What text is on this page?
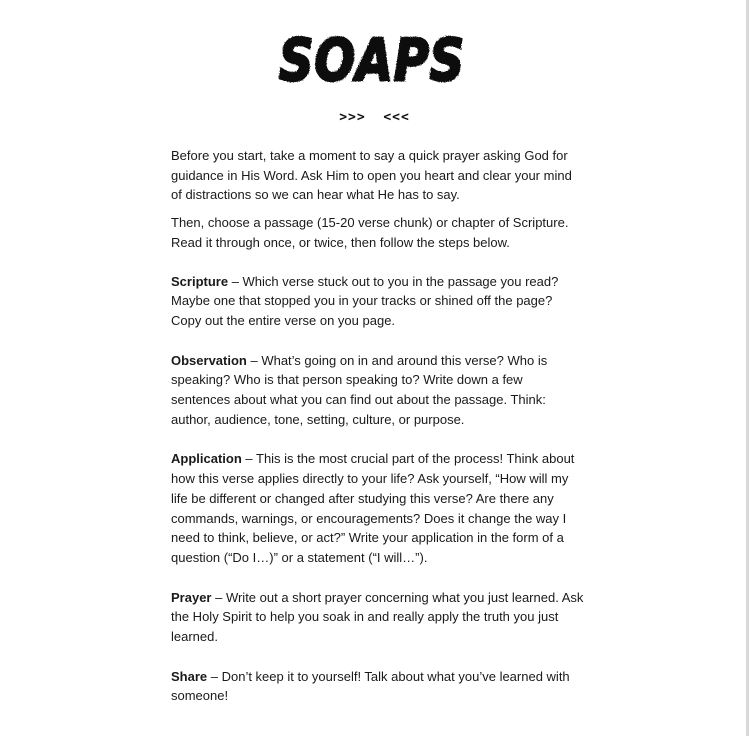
SOAPS
>>>  <<<

Before you start, take a moment to say a quick prayer asking God for guidance in His Word. Ask Him to open you heart and clear your mind of distractions so we can hear what He has to say.

Then, choose a passage (15-20 verse chunk) or chapter of Scripture. Read it through once, or twice, then follow the steps below.

Scripture – Which verse stuck out to you in the passage you read? Maybe one that stopped you in your tracks or shined off the page? Copy out the entire verse on you page.

Observation – What’s going on in and around this verse? Who is speaking? Who is that person speaking to? Write down a few sentences about what you can find out about the passage. Think: author, audience, tone, setting, culture, or purpose.

Application – This is the most crucial part of the process! Think about how this verse applies directly to your life? Ask yourself, “How will my life be different or changed after studying this verse? Are there any commands, warnings, or encouragements? Does it change the way I need to think, believe, or act?” Write your application in the form of a question (“Do I…)” or a statement (“I will…”).

Prayer – Write out a short prayer concerning what you just learned. Ask the Holy Spirit to help you soak in and really apply the truth you just learned.

Share – Don’t keep it to yourself! Talk about what you’ve learned with someone!
